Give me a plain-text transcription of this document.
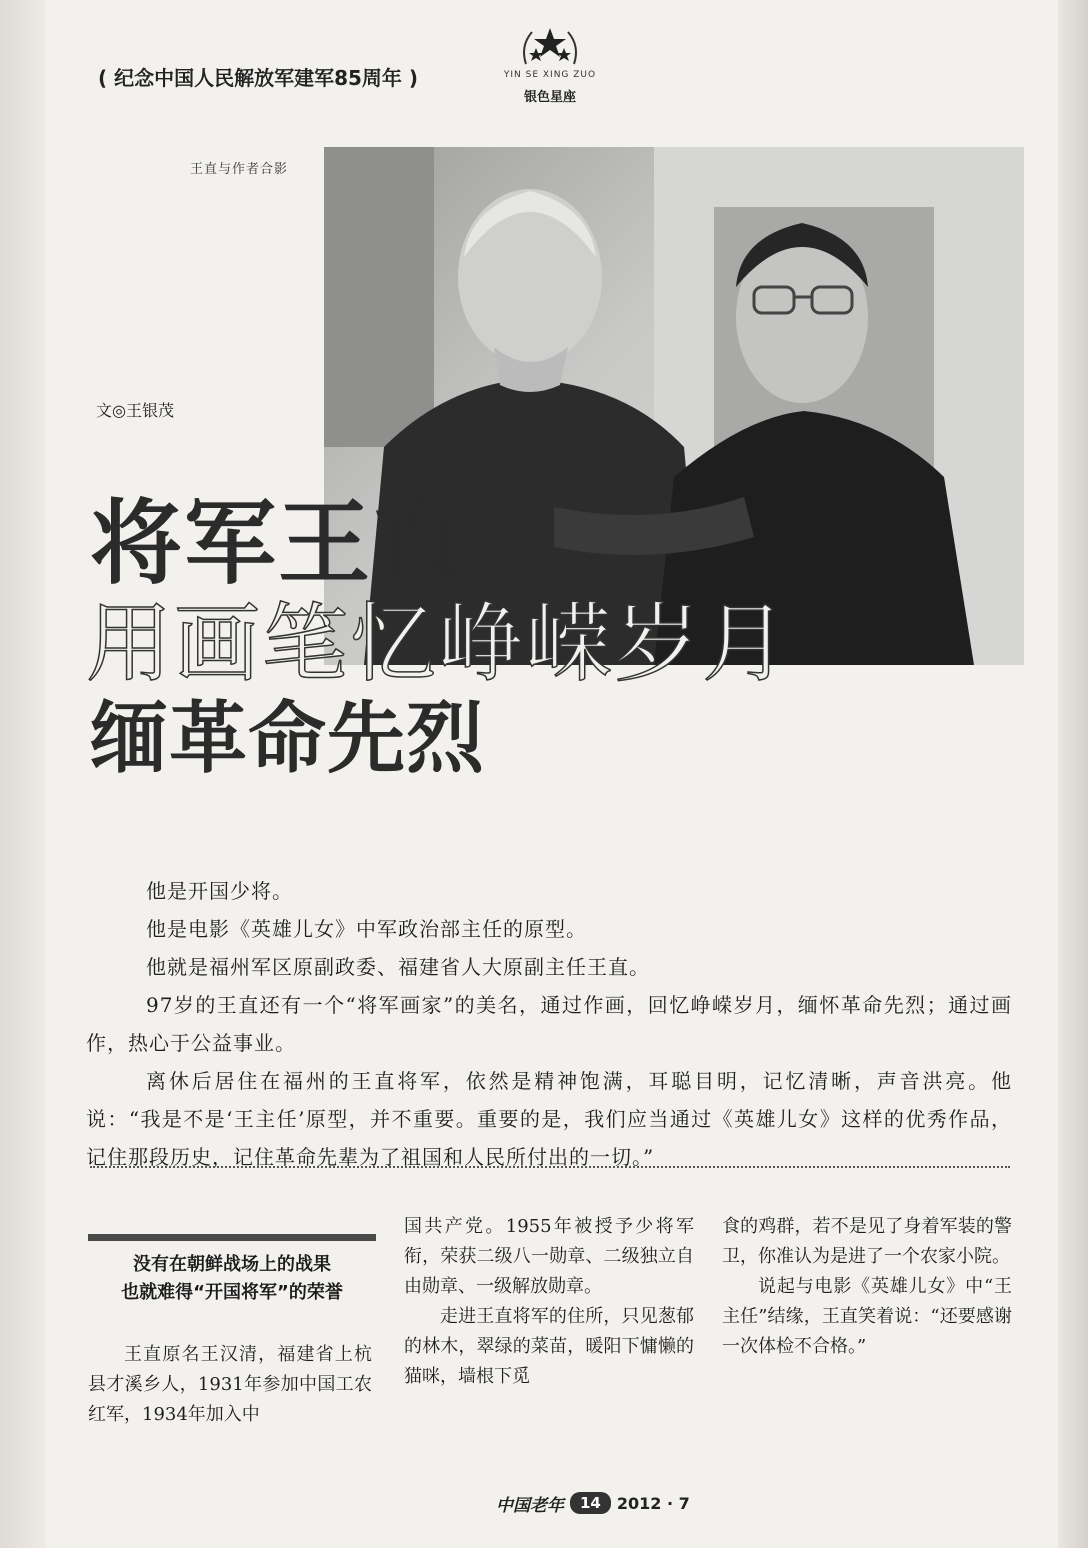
( 纪念中国人民解放军建军85周年 )	YIN SE XING ZUO
银色星座
王直与作者合影
文◎王银茂
将军王直
用画笔忆峥嵘岁月
缅革命先烈

他是开国少将。

他是电影《英雄儿女》中军政治部主任的原型。

他就是福州军区原副政委、福建省人大原副主任王直。

97岁的王直还有一个“将军画家”的美名，通过作画，回忆峥嵘岁月，缅怀革命先烈；通过画作，热心于公益事业。

离休后居住在福州的王直将军，依然是精神饱满，耳聪目明，记忆清晰，声音洪亮。他说：“我是不是‘王主任’原型，并不重要。重要的是，我们应当通过《英雄儿女》这样的优秀作品，记住那段历史，记住革命先辈为了祖国和人民所付出的一切。”

没有在朝鲜战场上的战果
也就难得“开国将军”的荣誉

王直原名王汉清，福建省上杭县才溪乡人，1931年参加中国工农红军，1934年加入中

国共产党。1955年被授予少将军衔，荣获二级八一勋章、二级独立自由勋章、一级解放勋章。

走进王直将军的住所，只见葱郁的林木，翠绿的菜苗，暖阳下慵懒的猫咪，墙根下觅

食的鸡群，若不是见了身着军装的警卫，你准认为是进了一个农家小院。

说起与电影《英雄儿女》中“王主任”结缘，王直笑着说：“还要感谢一次体检不合格。”

中国老年	14	2012 · 7
